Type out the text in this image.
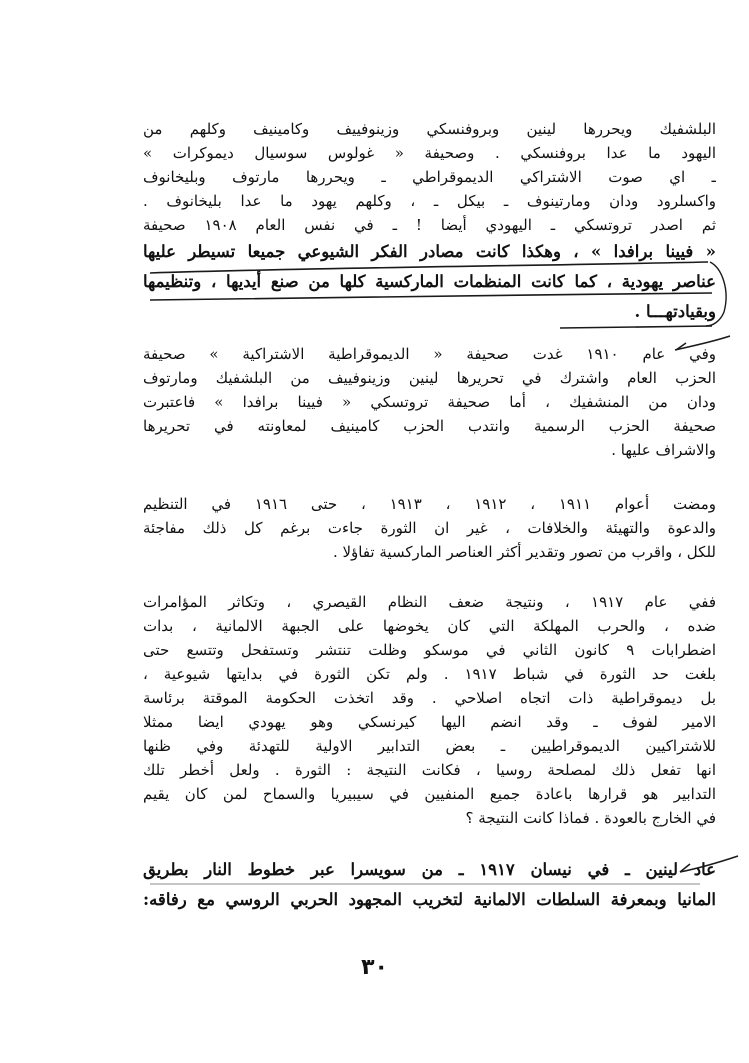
البلشفيك ويحررها لينين وبروفنسكي وزينوفييف وكامينيف وكلهم من
اليهود ما عدا بروفنسكي . وصحيفة « غولوس سوسيال ديموكرات »
ـ اي صوت الاشتراكي الديموقراطي ـ ويحررها مارتوف وبليخانوف
واكسلرود ودان ومارتينوف ـ بيكل ـ ، وكلهم يهود ما عدا بليخانوف .
ثم اصدر تروتسكي ـ اليهودي أيضا ! ـ في نفس العام ١٩٠٨ صحيفة
« فيينا برافدا » ، وهكذا كانت مصادر الفكر الشيوعي جميعا تسيطر عليها
عناصر يهودية ، كما كانت المنظمات الماركسية كلها من صنع أيديها ، وتنظيمها
وبقيادتهـــا .
وفي عام ١٩١٠ غدت صحيفة « الديموقراطية الاشتراكية » صحيفة
الحزب العام واشترك في تحريرها لينين وزينوفييف من البلشفيك ومارتوف
ودان من المنشفيك ، أما صحيفة تروتسكي « فيينا برافدا » فاعتبرت
صحيفة الحزب الرسمية وانتدب الحزب كامينيف لمعاونته في تحريرها
والاشراف عليها .
ومضت أعوام ١٩١١ ، ١٩١٢ ، ١٩١٣ ، حتى ١٩١٦ في التنظيم
والدعوة والتهيئة والخلافات ، غير ان الثورة جاءت برغم كل ذلك مفاجئة
للكل ، واقرب من تصور وتقدير أكثر العناصر الماركسية تفاؤلا .
ففي عام ١٩١٧ ، ونتيجة ضعف النظام القيصري ، وتكاثر المؤامرات
ضده ، والحرب المهلكة التي كان يخوضها على الجبهة الالمانية ، بدات
اضطرابات ٩ كانون الثاني في موسكو وظلت تنتشر وتستفحل وتتسع حتى
بلغت حد الثورة في شباط ١٩١٧ . ولم تكن الثورة في بدايتها شيوعية ،
بل ديموقراطية ذات اتجاه اصلاحي . وقد اتخذت الحكومة الموقتة برئاسة
الامير لفوف ـ وقد انضم اليها كيرنسكي وهو يهودي ايضا ممثلا
للاشتراكيين الديموقراطيين ـ بعض التدابير الاولية للتهدئة وفي ظنها
انها تفعل ذلك لمصلحة روسيا ، فكانت النتيجة : الثورة . ولعل أخطر تلك
التدابير هو قرارها باعادة جميع المنفيين في سيبيريا والسماح لمن كان يقيم
في الخارج بالعودة . فماذا كانت النتيجة ؟
عاد لينين ـ في نيسان ١٩١٧ ـ من سويسرا عبر خطوط النار بطريق
المانيا وبمعرفة السلطات الالمانية لتخريب المجهود الحربي الروسي مع رفاقه:
٣٠
